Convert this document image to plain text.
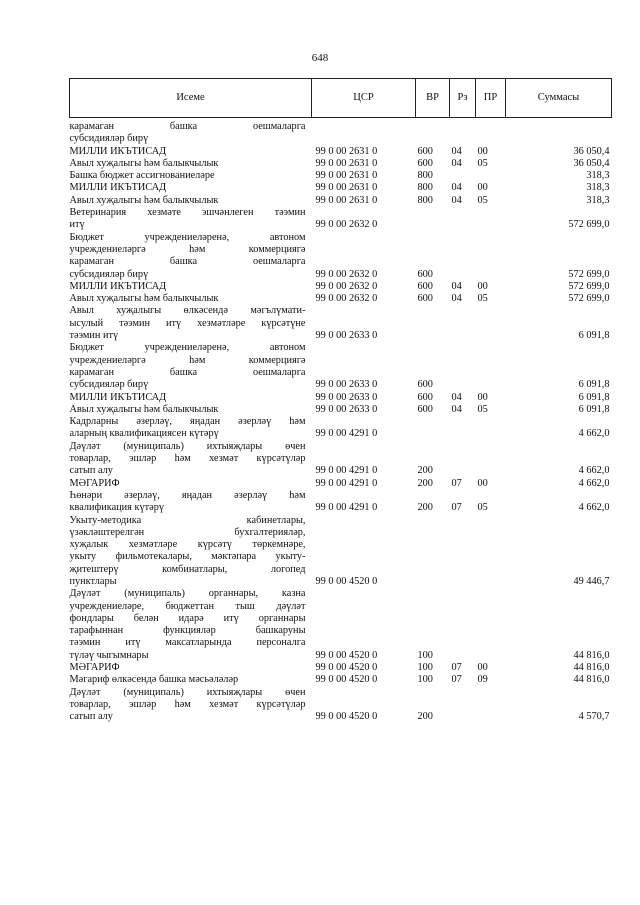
648
Исеме	ЦСР	ВР	Рз	ПР	Суммасы

карамаган башка оешмаларга					
субсидияләр бирү					
МИЛЛИ ИКЪТИСАД	99 0 00 2631 0	600	04	00	36 050,4
Авыл хуҗалыгы һәм балыкчылык	99 0 00 2631 0	600	04	05	36 050,4
Башка бюджет ассигнованиеләре	99 0 00 2631 0	800			318,3
МИЛЛИ ИКЪТИСАД	99 0 00 2631 0	800	04	00	318,3
Авыл хуҗалыгы һәм балыкчылык	99 0 00 2631 0	800	04	05	318,3
Ветеринария хезмәте эшчәнлеген тәэмин					
итү	99 0 00 2632 0				572 699,0
Бюджет учреждениеләренә, автоном					
учреждениеләргә һәм коммерциягә					
карамаган башка оешмаларга					
субсидияләр бирү	99 0 00 2632 0	600			572 699,0
МИЛЛИ ИКЪТИСАД	99 0 00 2632 0	600	04	00	572 699,0
Авыл хуҗалыгы һәм балыкчылык	99 0 00 2632 0	600	04	05	572 699,0
Авыл хуҗалыгы өлкәсендә мәгълүмати-					
ысулый тәэмин итү хезмәтләре күрсәтүне					
тәэмин итү	99 0 00 2633 0				6 091,8
Бюджет учреждениеләренә, автоном					
учреждениеләргә һәм коммерциягә					
карамаган башка оешмаларга					
субсидияләр бирү	99 0 00 2633 0	600			6 091,8
МИЛЛИ ИКЪТИСАД	99 0 00 2633 0	600	04	00	6 091,8
Авыл хуҗалыгы һәм балыкчылык	99 0 00 2633 0	600	04	05	6 091,8
Кадрларны әзерләү, яңадан әзерләү һәм					
аларның квалификациясен күтәрү	99 0 00 4291 0				4 662,0
Дәүләт (муниципаль) ихтыяҗлары өчен					
товарлар, эшләр һәм хезмәт күрсәтүләр					
сатып алу	99 0 00 4291 0	200			4 662,0
МӘГАРИФ	99 0 00 4291 0	200	07	00	4 662,0
Һөнәри әзерләү, яңадан әзерләү һәм					
квалификация күтәрү	99 0 00 4291 0	200	07	05	4 662,0
Укыту-методика кабинетлары,					
үзәкләштерелгән бухгалтерияләр,					
хуҗалык хезмәтләре күрсәтү төркемнәре,					
укыту фильмотекалары, мәктәпара укыту-					
җитештерү комбинатлары, логопед					
пунктлары	99 0 00 4520 0				49 446,7
Дәүләт (муниципаль) органнары, казна					
учреждениеләре, бюджеттан тыш дәүләт					
фондлары белән идарә итү органнары					
тарафыннан функцияләр башкаруны					
тәэмин итү максатларында персоналга					
түләү чыгымнары	99 0 00 4520 0	100			44 816,0
МӘГАРИФ	99 0 00 4520 0	100	07	00	44 816,0
Мәгариф өлкәсендә башка мәсьәләләр	99 0 00 4520 0	100	07	09	44 816,0
Дәүләт (муниципаль) ихтыяҗлары өчен					
товарлар, эшләр һәм хезмәт күрсәтүләр					
сатып алу	99 0 00 4520 0	200			4 570,7
